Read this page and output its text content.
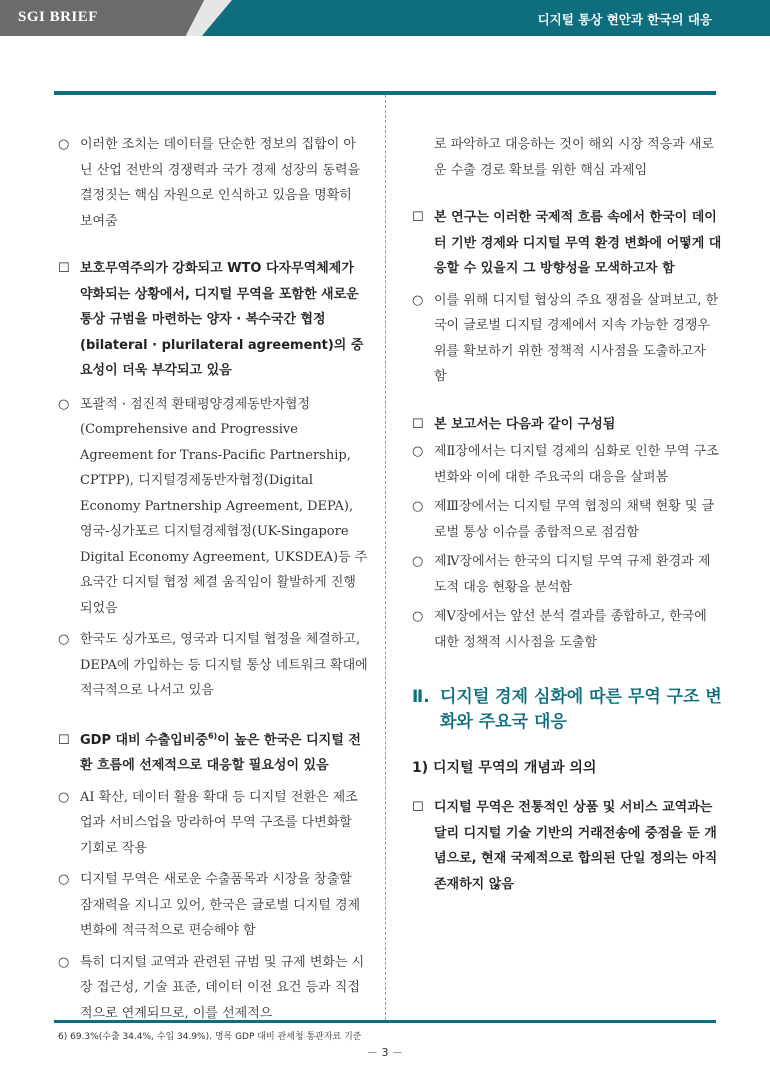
SGI BRIEF	디지털 통상 현안과 한국의 대응
○ 이러한 조치는 데이터를 단순한 정보의 집합이 아닌 산업 전반의 경쟁력과 국가 경제 성장의 동력을 결정짓는 핵심 자원으로 인식하고 있음을 명확히 보여줌
☐ 보호무역주의가 강화되고 WTO 다자무역체제가 약화되는 상황에서, 디지털 무역을 포함한 새로운 통상 규범을 마련하는 양자 · 복수국간 협정(bilateral · plurilateral agreement)의 중요성이 더욱 부각되고 있음
○ 포괄적 · 점진적 환태평양경제동반자협정(Comprehensive and Progressive Agreement for Trans-Pacific Partnership, CPTPP), 디지털경제동반자협정(Digital Economy Partnership Agreement, DEPA), 영국-싱가포르 디지털경제협정(UK-Singapore Digital Economy Agreement, UKSDEA)등 주요국간 디지털 협정 체결 움직임이 활발하게 진행되었음
○ 한국도 싱가포르, 영국과 디지털 협정을 체결하고, DEPA에 가입하는 등 디지털 통상 네트워크 확대에 적극적으로 나서고 있음
☐ GDP 대비 수출입비중$^{6)}$이 높은 한국은 디지털 전환 흐름에 선제적으로 대응할 필요성이 있음
○ AI 확산, 데이터 활용 확대 등 디지털 전환은 제조업과 서비스업을 망라하여 무역 구조를 다변화할 기회로 작용
○ 디지털 무역은 새로운 수출품목과 시장을 창출할 잠재력을 지니고 있어, 한국은 글로벌 디지털 경제 변화에 적극적으로 편승해야 함
○ 특히 디지털 교역과 관련된 규범 및 규제 변화는 시장 접근성, 기술 표준, 데이터 이전 요건 등과 직접적으로 연계되므로, 이를 선제적으
로 파악하고 대응하는 것이 해외 시장 적응과 새로운 수출 경로 확보를 위한 핵심 과제임
☐ 본 연구는 이러한 국제적 흐름 속에서 한국이 데이터 기반 경제와 디지털 무역 환경 변화에 어떻게 대응할 수 있을지 그 방향성을 모색하고자 함
○ 이를 위해 디지털 협상의 주요 쟁점을 살펴보고, 한국이 글로벌 디지털 경제에서 지속 가능한 경쟁우위를 확보하기 위한 정책적 시사점을 도출하고자 함
☐ 본 보고서는 다음과 같이 구성됨
○ 제Ⅱ장에서는 디지털 경제의 심화로 인한 무역 구조 변화와 이에 대한 주요국의 대응을 살펴봄
○ 제Ⅲ장에서는 디지털 무역 협정의 채택 현황 및 글로벌 통상 이슈를 종합적으로 점검함
○ 제Ⅳ장에서는 한국의 디지털 무역 규제 환경과 제도적 대응 현황을 분석함
○ 제Ⅴ장에서는 앞선 분석 결과를 종합하고, 한국에 대한 정책적 시사점을 도출함
Ⅱ. 디지털 경제 심화에 따른 무역 구조 변화와 주요국 대응
1) 디지털 무역의 개념과 의의
☐ 디지털 무역은 전통적인 상품 및 서비스 교역과는 달리 디지털 기술 기반의 거래전송에 중점을 둔 개념으로, 현재 국제적으로 합의된 단일 정의는 아직 존재하지 않음
6) 69.3%(수출 34.4%, 수입 34.9%). 명목 GDP 대비 관세청 통관자료 기준
－ 3 －
